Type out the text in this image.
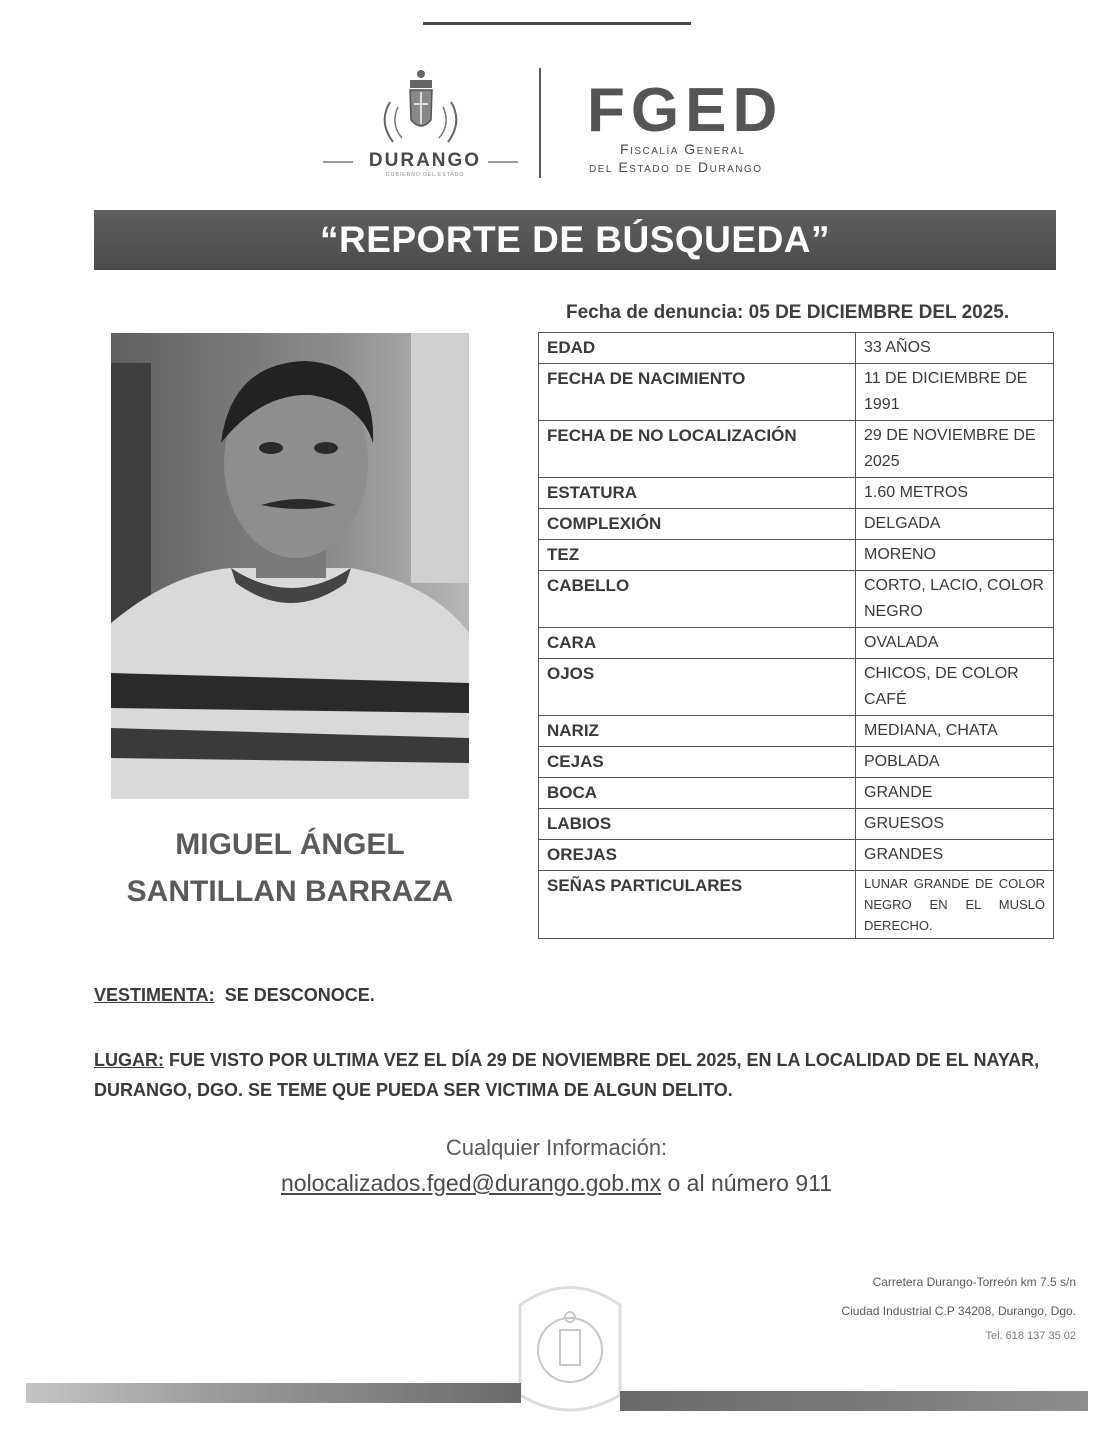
DURANGO
GOBIERNO DEL ESTADO
FGED
Fiscalía General
del Estado de Durango
“REPORTE DE BÚSQUEDA”
Fecha de denuncia: 05 DE DICIEMBRE DEL 2025.
MIGUEL ÁNGEL
SANTILLAN BARRAZA
EDAD	33 AÑOS
FECHA DE NACIMIENTO	11 DE DICIEMBRE DE 1991
FECHA DE NO LOCALIZACIÓN	29 DE NOVIEMBRE DE 2025
ESTATURA	1.60 METROS
COMPLEXIÓN	DELGADA
TEZ	MORENO
CABELLO	CORTO, LACIO, COLOR NEGRO
CARA	OVALADA
OJOS	CHICOS, DE COLOR CAFÉ
NARIZ	MEDIANA, CHATA
CEJAS	POBLADA
BOCA	GRANDE
LABIOS	GRUESOS
OREJAS	GRANDES
SEÑAS PARTICULARES	LUNAR GRANDE DE COLOR NEGRO EN EL MUSLO DERECHO.
VESTIMENTA: SE DESCONOCE.
LUGAR: FUE VISTO POR ULTIMA VEZ EL DÍA 29 DE NOVIEMBRE DEL 2025, EN LA LOCALIDAD DE EL NAYAR, DURANGO, DGO. SE TEME QUE PUEDA SER VICTIMA DE ALGUN DELITO.
Cualquier Información:
nolocalizados.fged@durango.gob.mx o al número 911
Carretera Durango-Torreón km 7.5 s/n
Ciudad Industrial C.P 34208, Durango, Dgo.
Tel. 618 137 35 02
